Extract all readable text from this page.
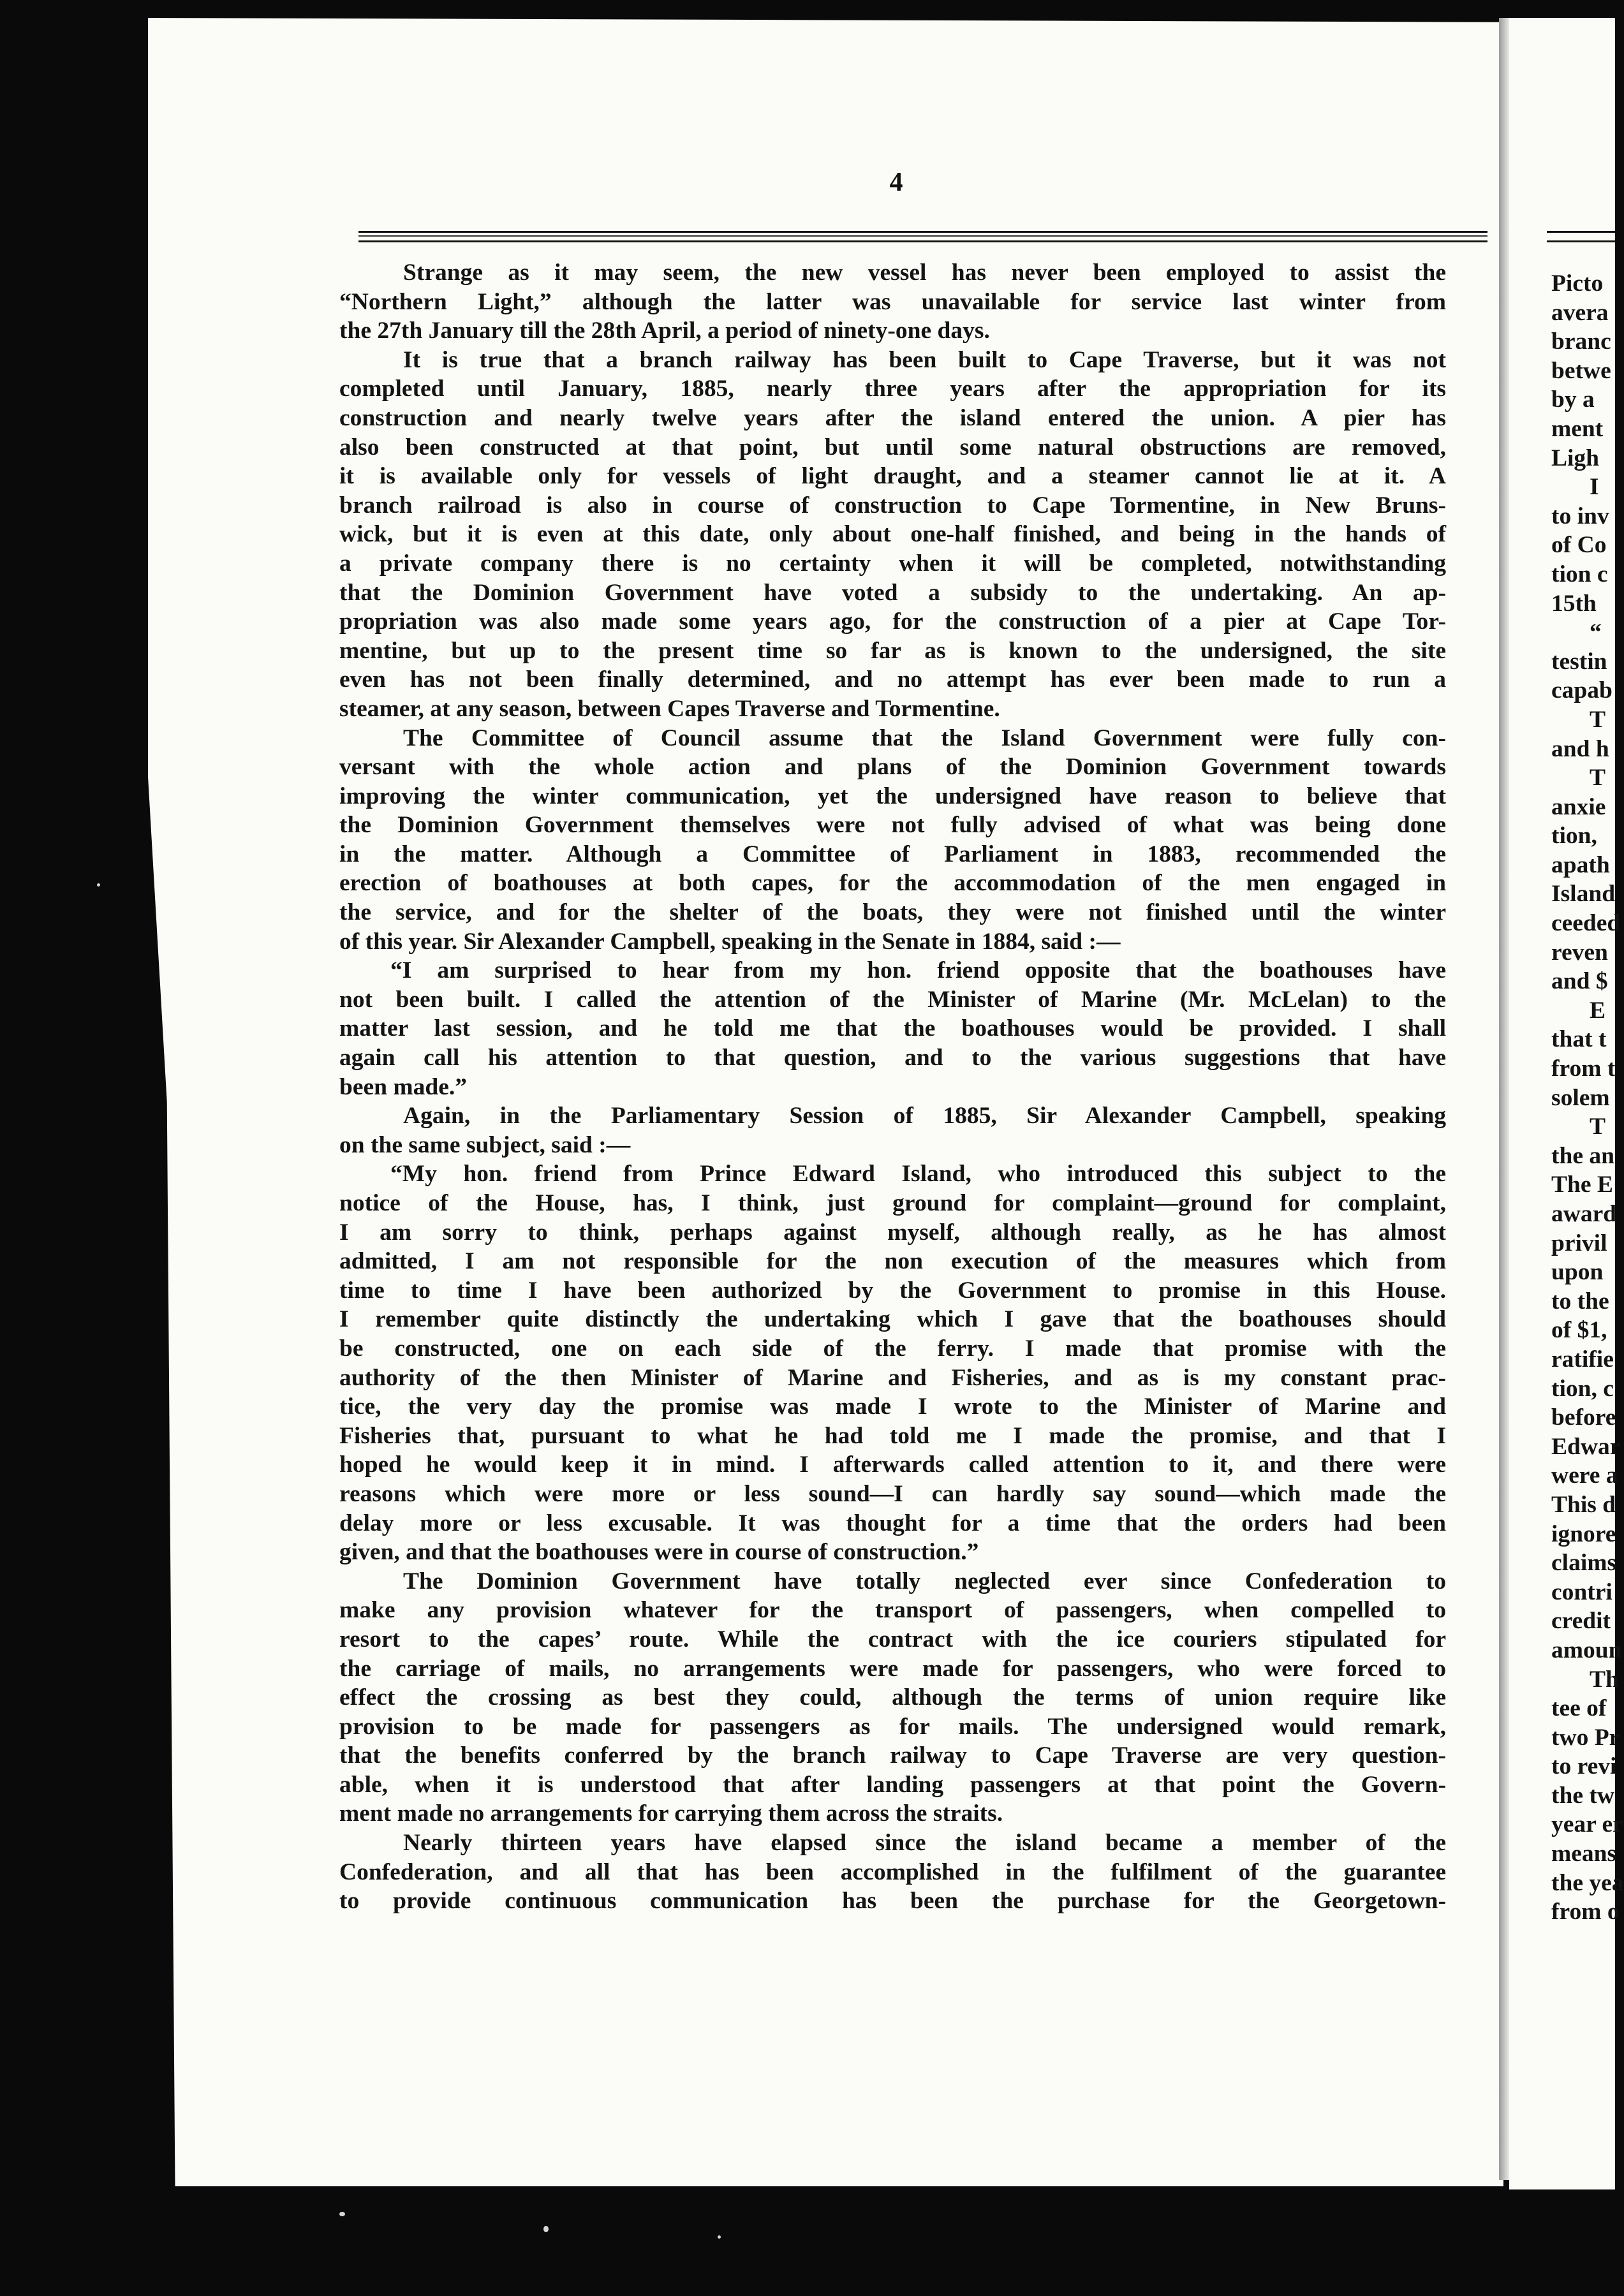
4
Strange as it may seem, the new vessel has never been employed to assist the
“Northern Light,” although the latter was unavailable for service last winter from
the 27th January till the 28th April, a period of ninety-one days.
It is true that a branch railway has been built to Cape Traverse, but it was not
completed until January, 1885, nearly three years after the appropriation for its
construction and nearly twelve years after the island entered the union. A pier has
also been constructed at that point, but until some natural obstructions are removed,
it is available only for vessels of light draught, and a steamer cannot lie at it. A
branch railroad is also in course of construction to Cape Tormentine, in New Bruns-
wick, but it is even at this date, only about one-half finished, and being in the hands of
a private company there is no certainty when it will be completed, notwithstanding
that the Dominion Government have voted a subsidy to the undertaking. An ap-
propriation was also made some years ago, for the construction of a pier at Cape Tor-
mentine, but up to the present time so far as is known to the undersigned, the site
even has not been finally determined, and no attempt has ever been made to run a
steamer, at any season, between Capes Traverse and Tormentine.
The Committee of Council assume that the Island Government were fully con-
versant with the whole action and plans of the Dominion Government towards
improving the winter communication, yet the undersigned have reason to believe that
the Dominion Government themselves were not fully advised of what was being done
in the matter. Although a Committee of Parliament in 1883, recommended the
erection of boathouses at both capes, for the accommodation of the men engaged in
the service, and for the shelter of the boats, they were not finished until the winter
of this year. Sir Alexander Campbell, speaking in the Senate in 1884, said :—
“I am surprised to hear from my hon. friend opposite that the boathouses have
not been built. I called the attention of the Minister of Marine (Mr. McLelan) to the
matter last session, and he told me that the boathouses would be provided. I shall
again call his attention to that question, and to the various suggestions that have
been made.”
Again, in the Parliamentary Session of 1885, Sir Alexander Campbell, speaking
on the same subject, said :—
“My hon. friend from Prince Edward Island, who introduced this subject to the
notice of the House, has, I think, just ground for complaint—ground for complaint,
I am sorry to think, perhaps against myself, although really, as he has almost
admitted, I am not responsible for the non execution of the measures which from
time to time I have been authorized by the Government to promise in this House.
I remember quite distinctly the undertaking which I gave that the boathouses should
be constructed, one on each side of the ferry. I made that promise with the
authority of the then Minister of Marine and Fisheries, and as is my constant prac-
tice, the very day the promise was made I wrote to the Minister of Marine and
Fisheries that, pursuant to what he had told me I made the promise, and that I
hoped he would keep it in mind. I afterwards called attention to it, and there were
reasons which were more or less sound—I can hardly say sound—which made the
delay more or less excusable. It was thought for a time that the orders had been
given, and that the boathouses were in course of construction.”
The Dominion Government have totally neglected ever since Confederation to
make any provision whatever for the transport of passengers, when compelled to
resort to the capes’ route. While the contract with the ice couriers stipulated for
the carriage of mails, no arrangements were made for passengers, who were forced to
effect the crossing as best they could, although the terms of union require like
provision to be made for passengers as for mails. The undersigned would remark,
that the benefits conferred by the branch railway to Cape Traverse are very question-
able, when it is understood that after landing passengers at that point the Govern-
ment made no arrangements for carrying them across the straits.
Nearly thirteen years have elapsed since the island became a member of the
Confederation, and all that has been accomplished in the fulfilment of the guarantee
to provide continuous communication has been the purchase for the Georgetown-
Picto
avera
branc
betwe
by a
ment
Ligh
I
to inv
of Co
tion c
15th
“
testin
capab
T
and h
T
anxie
tion,
apath
Island
ceeded
reven
and $
E
that t
from t
solem
T
the an
The E
award
privil
upon
to the
of $1,
ratifie
tion, c
before
Edwar
were a
This d
ignore
claims
contri
credit
amoun
Th
tee of
two Pr
to revi
the tw
year er
means
the yea
from o
